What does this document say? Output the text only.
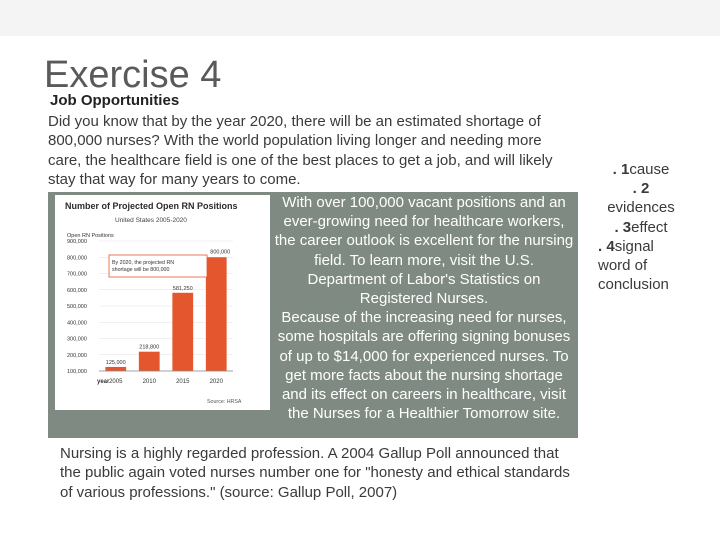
Exercise 4
Job Opportunities

Did you know that by the year 2020, there will be an estimated shortage of 800,000 nurses? With the world population living longer and needing more care, the healthcare field is one of the best places to get a job, and will likely stay that way for many years to come.

Number of Projected Open RN Positions
United States 2005-2020
Open RN Positions
100,000
200,000
300,000
400,000
500,000
600,000
700,000
800,000
900,000
125,000
218,800
581,250
800,000
2005	2010	2015	2020
year
By 2020, the projected RN shortage will be 800,000
Source: HRSA

With over 100,000 vacant positions and an ever-growing need for healthcare workers, the career outlook is excellent for the nursing field. To learn more, visit the U.S. Department of Labor's Statistics on Registered Nurses.

Because of the increasing need for nurses, some hospitals are offering signing bonuses of up to $14,000 for experienced nurses. To get more facts about the nursing shortage and its effect on careers in healthcare, visit the Nurses for a Healthier Tomorrow site.

Nursing is a highly regarded profession. A 2004 Gallup Poll announced that the public again voted nurses number one for "honesty and ethical standards of various professions." (source: Gallup Poll, 2007)
. 1cause
. 2
evidences
. 3effect
. 4signal word of conclusion
